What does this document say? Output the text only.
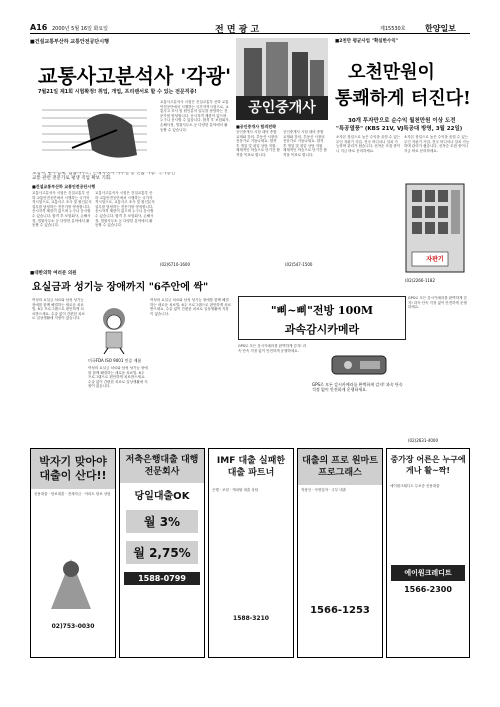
A16 2000년 5월 16일 화요일	전 면 광 고	제15530호 한양일보
■건설교통부산하 교통안전공단시행
교통사고분석사 '각광'
7월21일 제1회 시험확정! 취업, 개업, 프리랜서로 할 수 있는 전문직종!
보험사, 운수업체, 법률사무소, 손해사정사 사무실 등 진출 가능. 국가공인 교통 관련 전문가로 평생 직업 확보 기회.
■건설교통부산하 교통안전공단시행
교통사고분석사 시험은 건설교통부 산하 교통안전공단에서 시행하는 국가자격시험으로, 교통사고 조사 및 원인분석 업무를 담당하는 전문가를 양성합니다. 응시자격 제한이 없으며 누구나 응시할 수 있습니다. 합격 후 보험회사, 손해사정, 법률사무소 등 다양한 분야에서 활동할 수 있습니다.
교통사고분석사 시험은 건설교통부 산하 교통안전공단에서 시행하는 국가자격시험으로, 교통사고 조사 및 원인분석 업무를 담당하는 전문가를 양성합니다. 응시자격 제한이 없으며 누구나 응시할 수 있습니다. 합격 후 보험회사, 손해사정, 법률사무소 등 다양한 분야에서 활동할 수 있습니다.
교통사고분석사 시험은 건설교통부 산하 교통안전공단에서 시행하는 국가자격시험으로, 교통사고 조사 및 원인분석 업무를 담당하는 전문가를 양성합니다. 응시자격 제한이 없으며 누구나 응시할 수 있습니다. 합격 후 보험회사, 손해사정, 법률사무소 등 다양한 분야에서 활동할 수 있습니다.
(02)6710-1600
■대한의학 여러분 의원
요실금과 성기능 장애까지 "6주안에 싹"
여성의 요실금 치료와 남성 성기능 장애를 함께 해결하는 새로운 치료법. 6주 프로그램으로 편안하게 치료받으세요. 수술 없이 간편한 치료로 일상생활에 지장이 없습니다.
미국FDA ISO 9001 인증 제품
여성의 요실금 치료와 남성 성기능 장애를 함께 해결하는 새로운 치료법. 6주 프로그램으로 편안하게 치료받으세요. 수술 없이 간편한 치료로 일상생활에 지장이 없습니다.
여성의 요실금 치료와 남성 성기능 장애를 함께 해결하는 새로운 치료법. 6주 프로그램으로 편안하게 치료받으세요. 수술 없이 간편한 치료로 일상생활에 지장이 없습니다.
공인중개사
■공인중개사 합격전략
공인중개사 시험 대비 종합 교재와 강의. 부동산 시장의 전문가로 거듭나세요. 합격 후 개업 및 취업 상담 지원. 체계적인 학습으로 단기간 합격을 목표로 합니다.
공인중개사 시험 대비 종합 교재와 강의. 부동산 시장의 전문가로 거듭나세요. 합격 후 개업 및 취업 상담 지원. 체계적인 학습으로 단기간 합격을 목표로 합니다.
(02)547-1500
■2천만 평균사업 "확실한수익"
오천만원이
통쾌하게 터진다!
30개 투자만으로 순수익 월천만원 이상 도전
"특공열풍" (KBS 21V, VJ특공대 방영, 3월 22일)
소자본 창업으로 높은 수익을 올릴 수 있는 무인 자판기 사업. 전국 어디서나 설치 가능하며 관리가 쉽습니다. 선착순 모집 중이니 지금 바로 문의하세요.
소자본 창업으로 높은 수익을 올릴 수 있는 무인 자판기 사업. 전국 어디서나 설치 가능하며 관리가 쉽습니다. 선착순 모집 중이니 지금 바로 문의하세요.
자판기
(02)2266-1182
"삐~삐"전방 100M
과속감시카메라
GPS로 모든 감시카메라를 완벽하게 감지! 과속 단속 걱정 없이 안전하게 운행하세요.
GPS로 모든 감시카메라를 완벽하게 감지! 과속 단속 걱정 없이 안전하게 운행하세요.
GPS로 모든 감시카메라를 완벽하게 감지! 과속 단속 걱정 없이 안전하게 운행하세요.
(02)2631-4000
박자기 맞아야 대출이 산다!!
신용대출 · 담보대출 · 전세자금 · 아파트 담보 상담
02)753-0030
저축은행대출 대행전문회사
당일대출OK
월 3%
월 2,75%
1588-0799
IMF 대출 실패한 대출 파트너
은행 · 보험 · 캐피탈 대출 상담
1588-3210
대출의 프로 원마트 프로그래스
직장인 · 자영업자 · 주부 대출
1566-1253
중가장 어른은 누구에게나 활~짝!
에이원크레디트 무보증 신용대출
에이원크레디트
1566-2300
